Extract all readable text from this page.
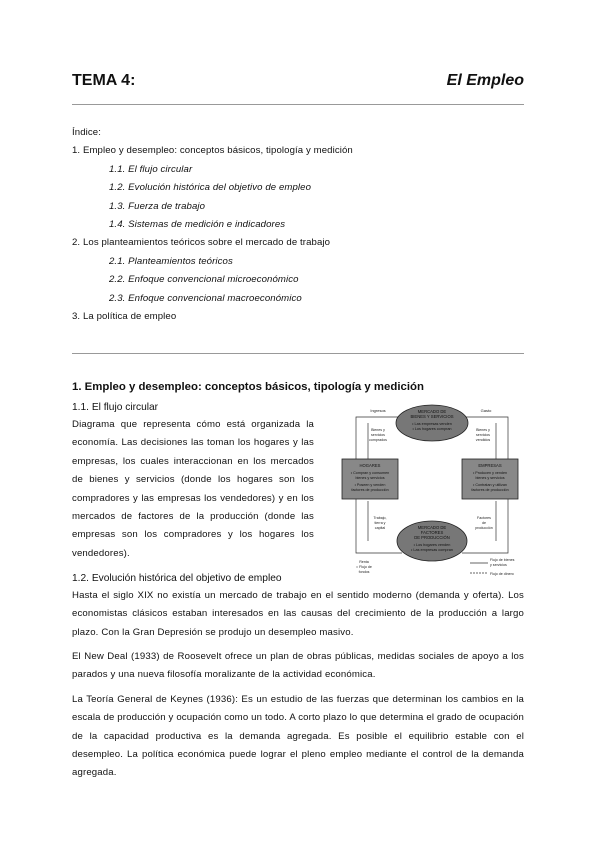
TEMA 4:	El Empleo
Índice:
1. Empleo y desempleo: conceptos básicos, tipología y medición
1.1. El flujo circular
1.2. Evolución histórica del objetivo de empleo
1.3. Fuerza de trabajo
1.4. Sistemas de medición e indicadores
2. Los planteamientos teóricos sobre el mercado de trabajo
2.1. Planteamientos teóricos
2.2. Enfoque convencional microeconómico
2.3. Enfoque convencional macroeconómico
3. La política de empleo
1. Empleo y desempleo: conceptos básicos, tipología y medición
1.1. El flujo circular
Diagrama que representa cómo está organizada la economía. Las decisiones las toman los hogares y las empresas, los cuales interaccionan en los mercados de bienes y servicios (donde los hogares son los compradores y las empresas los vendedores) y en los mercados de factores de la producción (donde las empresas son los compradores y los hogares los vendedores).
MERCADO DE
BIENES Y SERVICIOS
• Las empresas venden
• Los hogares compran
MERCADO DE
FACTORES
DE PRODUCCIÓN
• Los hogares venden
• Las empresas compran
HOGARES
• Compran y consumen
bienes y servicios
• Poseen y venden
factores de producción
EMPRESAS
• Producen y venden
bienes y servicios
• Contratan y utilizan
factores de producción
Ingresos	Gasto
Bienes y
servicios
comprados
Bienes y
servicios
vendidos
Trabajo,
tierra y
capital
Factores
de
producción
Renta
= Flujo de
fondos
Flujo de bienes
y servicios
Flujo de dinero
1.2. Evolución histórica del objetivo de empleo
Hasta el siglo XIX no existía un mercado de trabajo en el sentido moderno (demanda y oferta). Los economistas clásicos estaban interesados en las causas del crecimiento de la producción a largo plazo. Con la Gran Depresión se produjo un desempleo masivo.
El New Deal (1933) de Roosevelt ofrece un plan de obras públicas, medidas sociales de apoyo a los parados y una nueva filosofía moralizante de la actividad económica.
La Teoría General de Keynes (1936): Es un estudio de las fuerzas que determinan los cambios en la escala de producción y ocupación como un todo. A corto plazo lo que determina el grado de ocupación de la capacidad productiva es la demanda agregada. Es posible el equilibrio estable con el desempleo. La política económica puede lograr el pleno empleo mediante el control de la demanda agregada.
